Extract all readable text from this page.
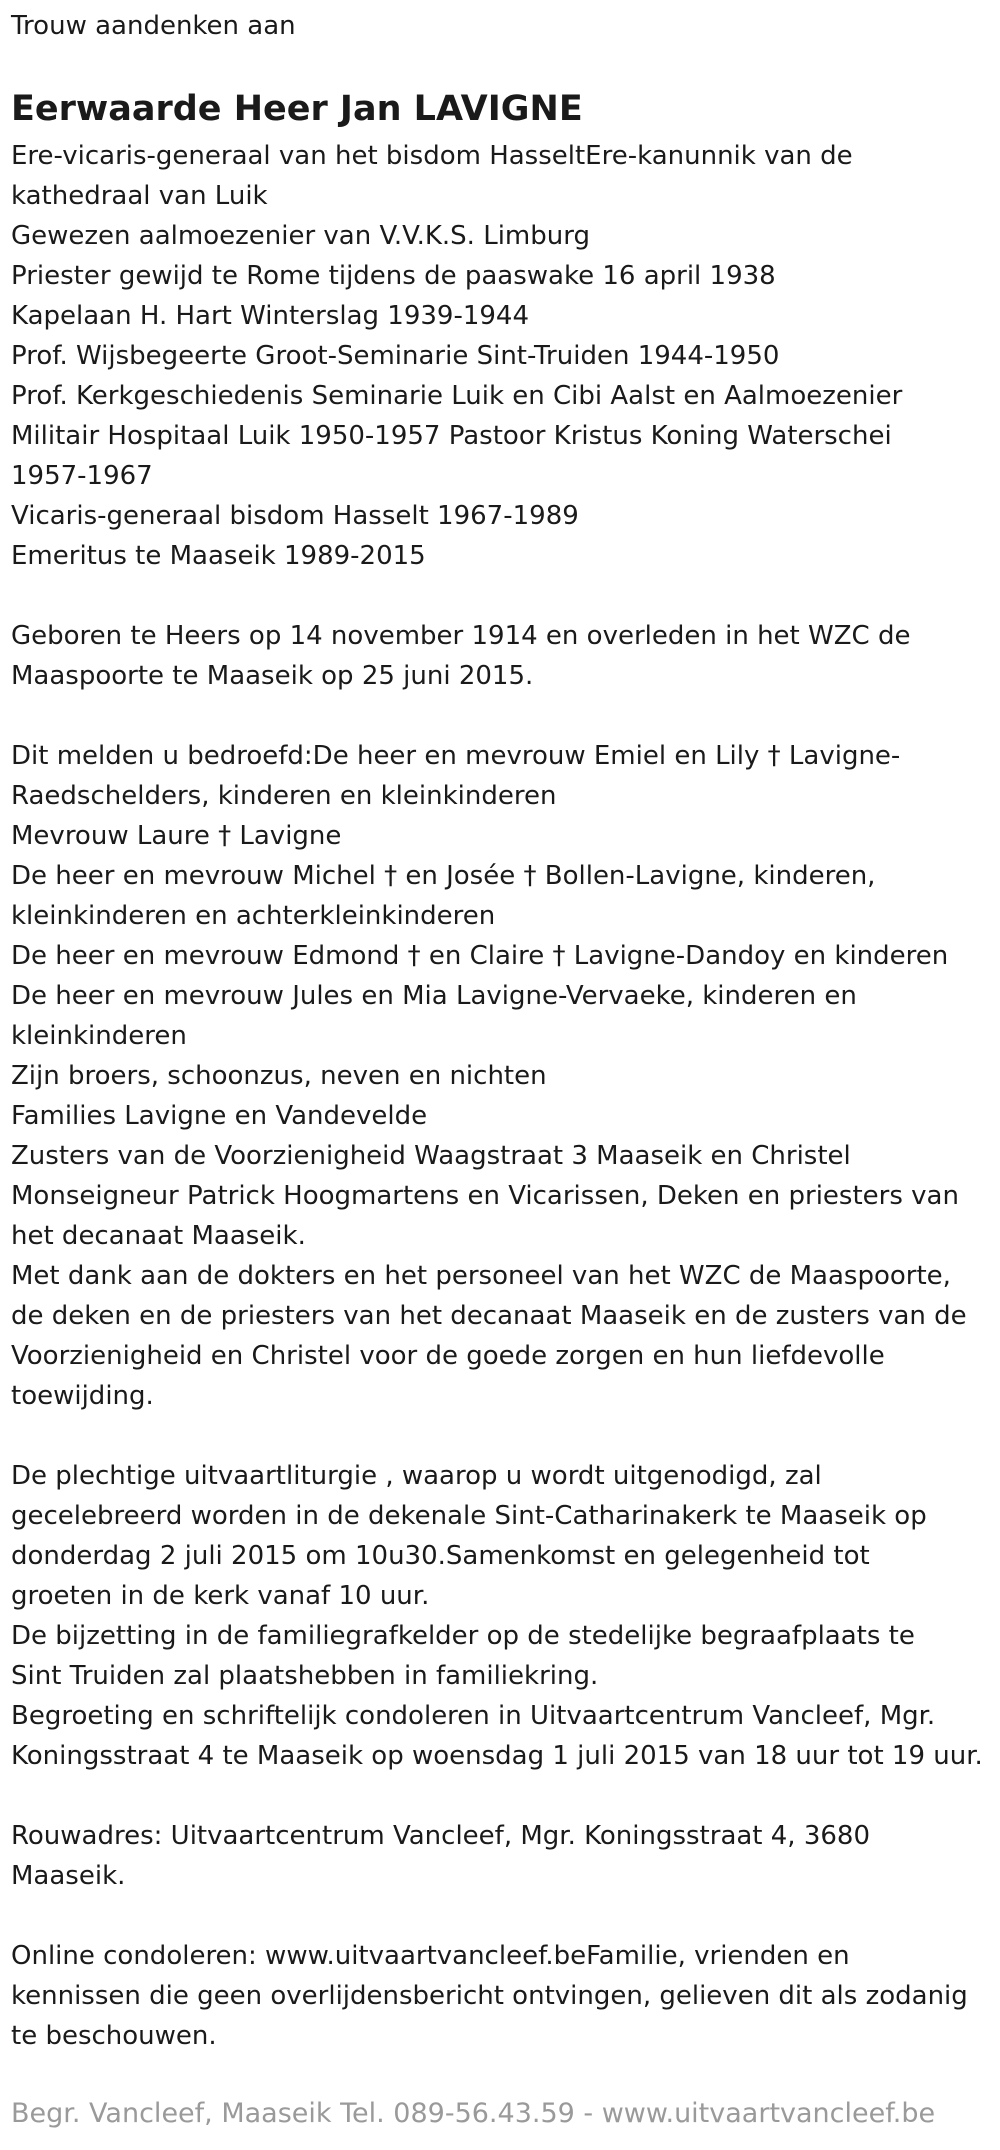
Trouw aandenken aan

Eerwaarde Heer Jan LAVIGNE
Ere-vicaris-generaal van het bisdom HasseltEre-kanunnik van de
kathedraal van Luik
Gewezen aalmoezenier van V.V.K.S. Limburg
Priester gewijd te Rome tijdens de paaswake 16 april 1938
Kapelaan H. Hart Winterslag 1939-1944
Prof. Wijsbegeerte Groot-Seminarie Sint-Truiden 1944-1950
Prof. Kerkgeschiedenis Seminarie Luik en Cibi Aalst en Aalmoezenier
Militair Hospitaal Luik 1950-1957 Pastoor Kristus Koning Waterschei
1957-1967
Vicaris-generaal bisdom Hasselt 1967-1989
Emeritus te Maaseik 1989-2015
Geboren te Heers op 14 november 1914 en overleden in het WZC de
Maaspoorte te Maaseik op 25 juni 2015.
Dit melden u bedroefd:De heer en mevrouw Emiel en Lily † Lavigne-
Raedschelders, kinderen en kleinkinderen
Mevrouw Laure † Lavigne
De heer en mevrouw Michel † en Josée † Bollen-Lavigne, kinderen,
kleinkinderen en achterkleinkinderen
De heer en mevrouw Edmond † en Claire † Lavigne-Dandoy en kinderen
De heer en mevrouw Jules en Mia Lavigne-Vervaeke, kinderen en
kleinkinderen
Zijn broers, schoonzus, neven en nichten
Families Lavigne en Vandevelde
Zusters van de Voorzienigheid Waagstraat 3 Maaseik en Christel
Monseigneur Patrick Hoogmartens en Vicarissen, Deken en priesters van
het decanaat Maaseik.
Met dank aan de dokters en het personeel van het WZC de Maaspoorte,
de deken en de priesters van het decanaat Maaseik en de zusters van de
Voorzienigheid en Christel voor de goede zorgen en hun liefdevolle
toewijding.
De plechtige uitvaartliturgie , waarop u wordt uitgenodigd, zal
gecelebreerd worden in de dekenale Sint-Catharinakerk te Maaseik op
donderdag 2 juli 2015 om 10u30.Samenkomst en gelegenheid tot
groeten in de kerk vanaf 10 uur.
De bijzetting in de familiegrafkelder op de stedelijke begraafplaats te
Sint Truiden zal plaatshebben in familiekring.
Begroeting en schriftelijk condoleren in Uitvaartcentrum Vancleef, Mgr.
Koningsstraat 4 te Maaseik op woensdag 1 juli 2015 van 18 uur tot 19 uur.
Rouwadres: Uitvaartcentrum Vancleef, Mgr. Koningsstraat 4, 3680
Maaseik.
Online condoleren: www.uitvaartvancleef.beFamilie, vrienden en
kennissen die geen overlijdensbericht ontvingen, gelieven dit als zodanig
te beschouwen.
Begr. Vancleef, Maaseik Tel. 089-56.43.59 - www.uitvaartvancleef.be
